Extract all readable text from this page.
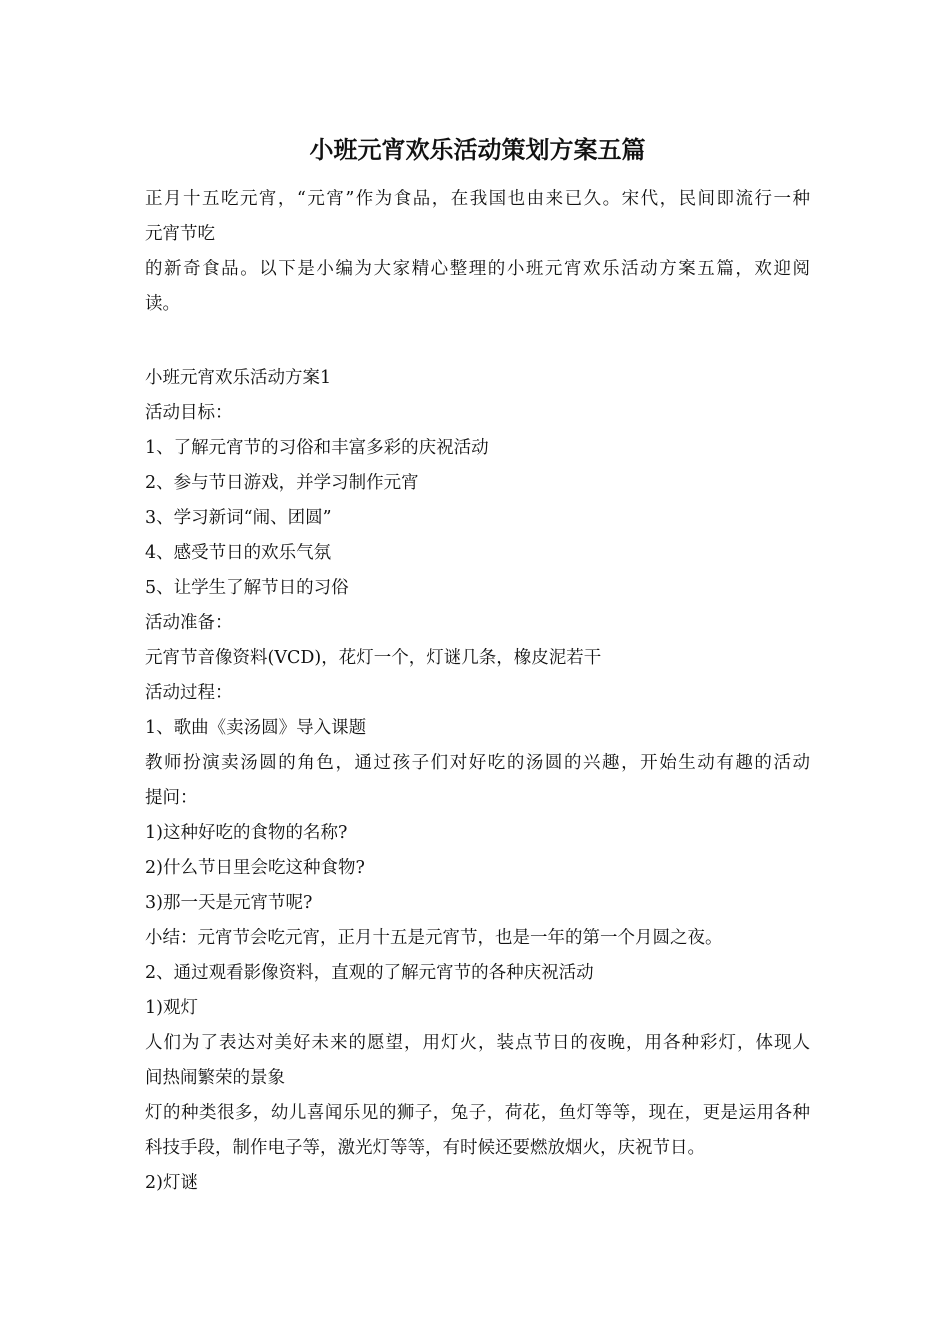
小班元宵欢乐活动策划方案五篇
正月十五吃元宵，“元宵”作为食品，在我国也由来已久。宋代，民间即流行一种
元宵节吃
的新奇食品。以下是小编为大家精心整理的小班元宵欢乐活动方案五篇，欢迎阅
读。
小班元宵欢乐活动方案1
活动目标：
1、了解元宵节的习俗和丰富多彩的庆祝活动
2、参与节日游戏，并学习制作元宵
3、学习新词“闹、团圆”
4、感受节日的欢乐气氛
5、让学生了解节日的习俗
活动准备：
元宵节音像资料(VCD)，花灯一个，灯谜几条，橡皮泥若干
活动过程：
1、歌曲《卖汤圆》导入课题
教师扮演卖汤圆的角色，通过孩子们对好吃的汤圆的兴趣，开始生动有趣的活动
提问：
1)这种好吃的食物的名称?
2)什么节日里会吃这种食物?
3)那一天是元宵节呢?
小结：元宵节会吃元宵，正月十五是元宵节，也是一年的第一个月圆之夜。
2、通过观看影像资料，直观的了解元宵节的各种庆祝活动
1)观灯
人们为了表达对美好未来的愿望，用灯火，装点节日的夜晚，用各种彩灯，体现人
间热闹繁荣的景象
灯的种类很多，幼儿喜闻乐见的狮子，兔子，荷花，鱼灯等等，现在，更是运用各种
科技手段，制作电子等，激光灯等等，有时候还要燃放烟火，庆祝节日。
2)灯谜
